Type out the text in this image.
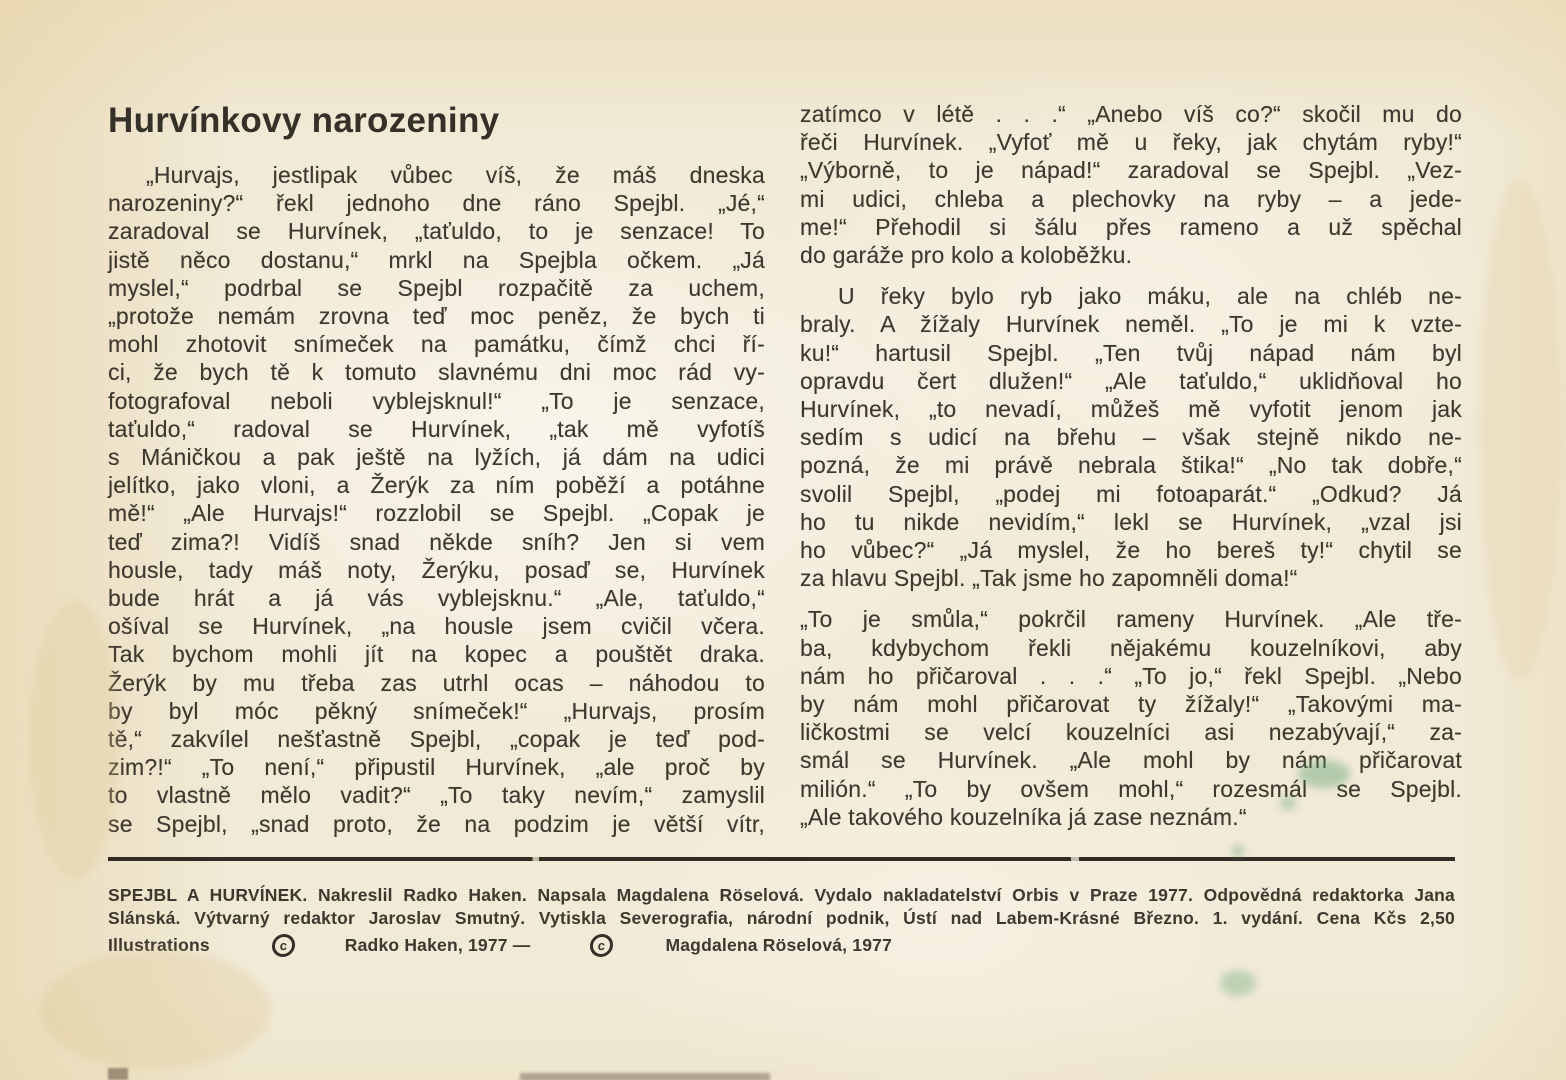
Hurvínkovy narozeniny
„Hurvajs, jestlipak vůbec víš, že máš dneska
narozeniny?“ řekl jednoho dne ráno Spejbl. „Jé,“
zaradoval se Hurvínek, „taťuldo, to je senzace! To
jistě něco dostanu,“ mrkl na Spejbla očkem. „Já
myslel,“ podrbal se Spejbl rozpačitě za uchem,
„protože nemám zrovna teď moc peněz, že bych ti
mohl zhotovit snímeček na památku, čímž chci ří-
ci, že bych tě k tomuto slavnému dni moc rád vy-
fotografoval neboli vyblejsknul!“ „To je senzace,
taťuldo,“ radoval se Hurvínek, „tak mě vyfotíš
s Máničkou a pak ještě na lyžích, já dám na udici
jelítko, jako vloni, a Žerýk za ním poběží a potáhne
mě!“ „Ale Hurvajs!“ rozzlobil se Spejbl. „Copak je
teď zima?! Vidíš snad někde sníh? Jen si vem
housle, tady máš noty, Žerýku, posaď se, Hurvínek
bude hrát a já vás vyblejsknu.“ „Ale, taťuldo,“
ošíval se Hurvínek, „na housle jsem cvičil včera.
Tak bychom mohli jít na kopec a pouštět draka.
Žerýk by mu třeba zas utrhl ocas – náhodou to
by byl móc pěkný snímeček!“ „Hurvajs, prosím
tě,“ zakvílel nešťastně Spejbl, „copak je teď pod-
zim?!“ „To není,“ připustil Hurvínek, „ale proč by
to vlastně mělo vadit?“ „To taky nevím,“ zamyslil
se Spejbl, „snad proto, že na podzim je větší vítr,
zatímco v létě . . .“ „Anebo víš co?“ skočil mu do
řeči Hurvínek. „Vyfoť mě u řeky, jak chytám ryby!“
„Výborně, to je nápad!“ zaradoval se Spejbl. „Vez-
mi udici, chleba a plechovky na ryby – a jede-
me!“ Přehodil si šálu přes rameno a už spěchal
do garáže pro kolo a koloběžku.
U řeky bylo ryb jako máku, ale na chléb ne-
braly. A žížaly Hurvínek neměl. „To je mi k vzte-
ku!“ hartusil Spejbl. „Ten tvůj nápad nám byl
opravdu čert dlužen!“ „Ale taťuldo,“ uklidňoval ho
Hurvínek, „to nevadí, můžeš mě vyfotit jenom jak
sedím s udicí na břehu – však stejně nikdo ne-
pozná, že mi právě nebrala štika!“ „No tak dobře,“
svolil Spejbl, „podej mi fotoaparát.“ „Odkud? Já
ho tu nikde nevidím,“ lekl se Hurvínek, „vzal jsi
ho vůbec?“ „Já myslel, že ho bereš ty!“ chytil se
za hlavu Spejbl. „Tak jsme ho zapomněli doma!“
„To je smůla,“ pokrčil rameny Hurvínek. „Ale tře-
ba, kdybychom řekli nějakému kouzelníkovi, aby
nám ho přičaroval . . .“ „To jo,“ řekl Spejbl. „Nebo
by nám mohl přičarovat ty žížaly!“ „Takovými ma-
ličkostmi se velcí kouzelníci asi nezabývají,“ za-
smál se Hurvínek. „Ale mohl by nám přičarovat
milión.“ „To by ovšem mohl,“ rozesmál se Spejbl.
„Ale takového kouzelníka já zase neznám.“
SPEJBL A HURVÍNEK. Nakreslil Radko Haken. Napsala Magdalena Röselová. Vydalo nakladatelství Orbis v Praze 1977. Odpovědná redaktorka Jana
Slánská. Výtvarný redaktor Jaroslav Smutný. Vytiskla Severografia, národní podnik, Ústí nad Labem-Krásné Březno. 1. vydání. Cena Kčs 2,50
Illustrations	c	Radko Haken, 1977 —	c	Magdalena Röselová, 1977
